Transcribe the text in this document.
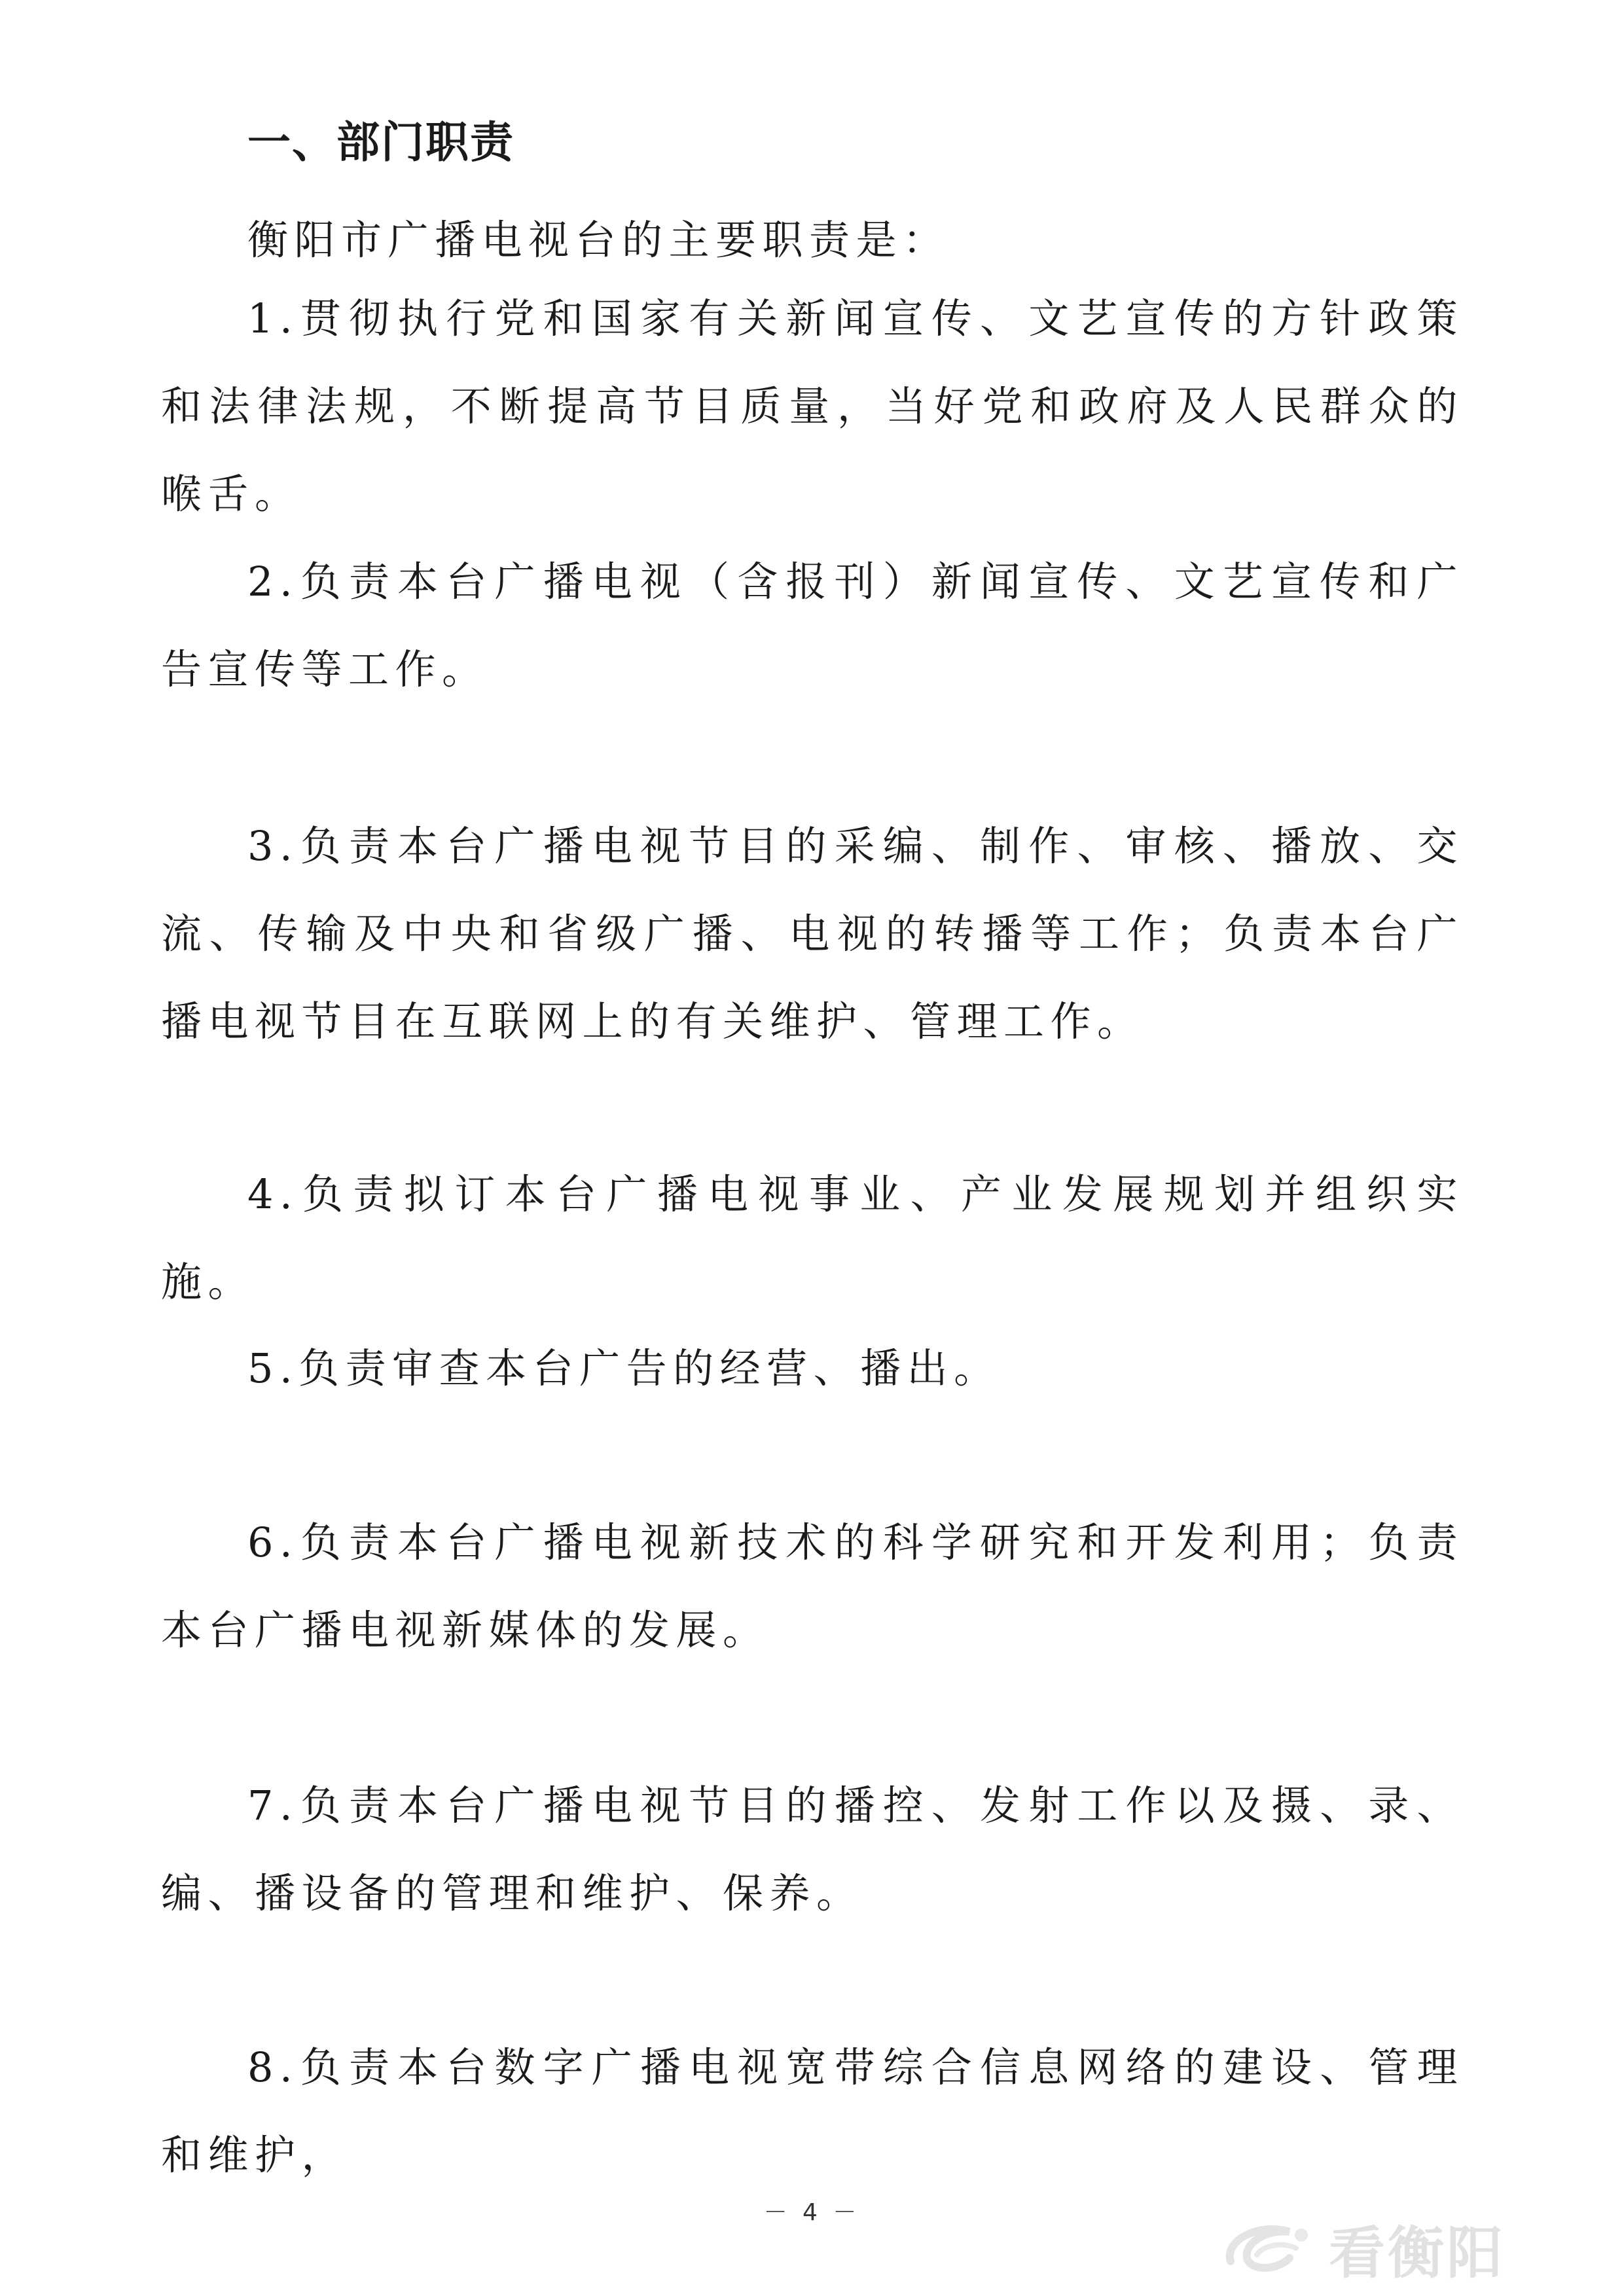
一、部门职责
衡阳市广播电视台的主要职责是：
1.贯彻执行党和国家有关新闻宣传、文艺宣传的方针政策和法律法规，不断提高节目质量，当好党和政府及人民群众的喉舌。
2.负责本台广播电视（含报刊）新闻宣传、文艺宣传和广告宣传等工作。
3.负责本台广播电视节目的采编、制作、审核、播放、交流、传输及中央和省级广播、电视的转播等工作；负责本台广播电视节目在互联网上的有关维护、管理工作。
4.负责拟订本台广播电视事业、产业发展规划并组织实施。
5.负责审查本台广告的经营、播出。
6.负责本台广播电视新技术的科学研究和开发利用；负责本台广播电视新媒体的发展。
7.负责本台广播电视节目的播控、发射工作以及摄、录、编、播设备的管理和维护、保养。
8.负责本台数字广播电视宽带综合信息网络的建设、管理和维护，
－ 4 －
看衡阳
